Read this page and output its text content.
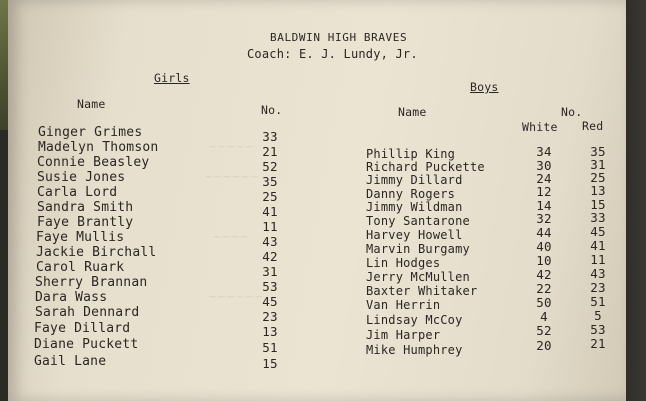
~~~~~
~~~~~~
~~~~
~~~~~~
BALDWIN HIGH BRAVES
Coach: E. J. Lundy, Jr.
Girls
Name	No.
Ginger Grimes	33
Madelyn Thomson	21
Connie Beasley	52
Susie Jones	35
Carla Lord	25
Sandra Smith	41
Faye Brantly	11
Faye Mullis	43
Jackie Birchall	42
Carol Ruark	31
Sherry Brannan	53
Dara Wass	45
Sarah Dennard	23
Faye Dillard	13
Diane Puckett	51
Gail Lane	15
Boys
Name	No.
White Red
Phillip King	34	35
Richard Puckette	30	31
Jimmy Dillard	24	25
Danny Rogers	12	13
Jimmy Wildman	14	15
Tony Santarone	32	33
Harvey Howell	44	45
Marvin Burgamy	40	41
Lin Hodges	10	11
Jerry McMullen	42	43
Baxter Whitaker	22	23
Van Herrin	50	51
Lindsay McCoy	4	5
Jim Harper	52	53
Mike Humphrey	20	21
